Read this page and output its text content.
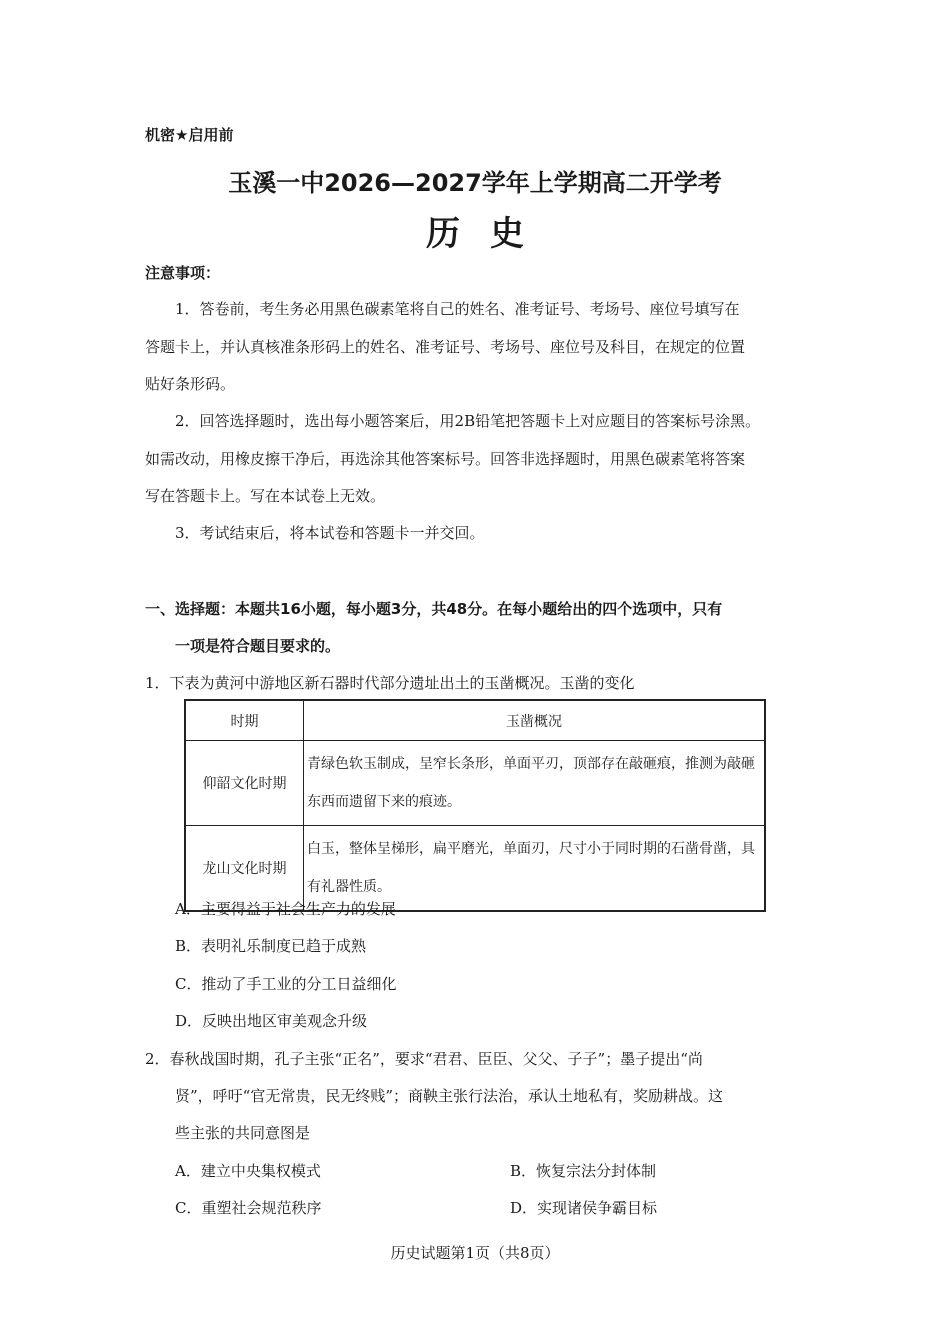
机密★启用前
玉溪一中2026—2027学年上学期高二开学考
历史
注意事项：
1．答卷前，考生务必用黑色碳素笔将自己的姓名、准考证号、考场号、座位号填写在
答题卡上，并认真核准条形码上的姓名、准考证号、考场号、座位号及科目，在规定的位置
贴好条形码。
2．回答选择题时，选出每小题答案后，用2B铅笔把答题卡上对应题目的答案标号涂黑。
如需改动，用橡皮擦干净后，再选涂其他答案标号。回答非选择题时，用黑色碳素笔将答案
写在答题卡上。写在本试卷上无效。
3．考试结束后，将本试卷和答题卡一并交回。
一、选择题：本题共16小题，每小题3分，共48分。在每小题给出的四个选项中，只有
一项是符合题目要求的。
1．下表为黄河中游地区新石器时代部分遗址出土的玉凿概况。玉凿的变化
时期	玉凿概况
仰韶文化时期	青绿色软玉制成，呈窄长条形，单面平刃，顶部存在敲砸痕，推测为敲砸东西而遗留下来的痕迹。
龙山文化时期	白玉，整体呈梯形，扁平磨光，单面刃，尺寸小于同时期的石凿骨凿，具有礼器性质。
A．主要得益于社会生产力的发展
B．表明礼乐制度已趋于成熟
C．推动了手工业的分工日益细化
D．反映出地区审美观念升级
2．春秋战国时期，孔子主张“正名”，要求“君君、臣臣、父父、子子”；墨子提出“尚
贤”，呼吁“官无常贵，民无终贱”；商鞅主张行法治，承认土地私有，奖励耕战。这
些主张的共同意图是
A．建立中央集权模式	B．恢复宗法分封体制
C．重塑社会规范秩序	D．实现诸侯争霸目标
历史试题第1页（共8页）
